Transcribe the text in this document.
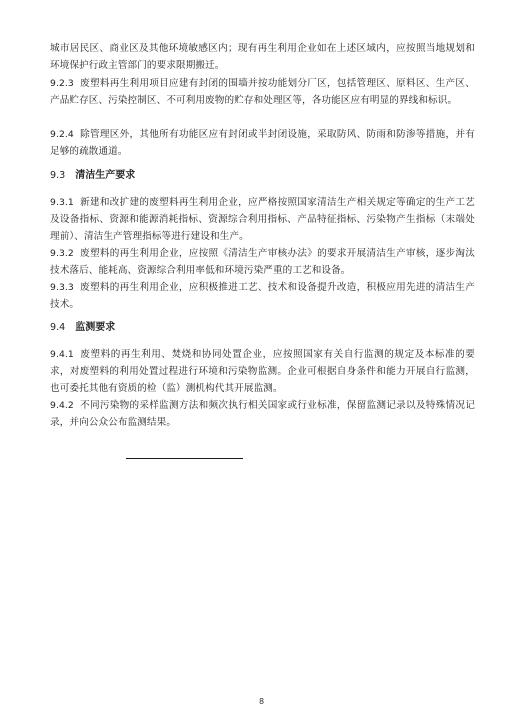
城市居民区、商业区及其他环境敏感区内；现有再生利用企业如在上述区域内，应按照当地规划和环境保护行政主管部门的要求限期搬迁。
9.2.3 废塑料再生利用项目应建有封闭的围墙并按功能划分厂区，包括管理区、原料区、生产区、产品贮存区、污染控制区、不可利用废物的贮存和处理区等，各功能区应有明显的界线和标识。
9.2.4 除管理区外，其他所有功能区应有封闭或半封闭设施，采取防风、防雨和防渗等措施，并有足够的疏散通道。
9.3 清洁生产要求
9.3.1 新建和改扩建的废塑料再生利用企业，应严格按照国家清洁生产相关规定等确定的生产工艺及设备指标、资源和能源消耗指标、资源综合利用指标、产品特征指标、污染物产生指标（末端处理前）、清洁生产管理指标等进行建设和生产。
9.3.2 废塑料的再生利用企业，应按照《清洁生产审核办法》的要求开展清洁生产审核，逐步淘汰技术落后、能耗高、资源综合利用率低和环境污染严重的工艺和设备。
9.3.3 废塑料的再生利用企业，应积极推进工艺、技术和设备提升改造，积极应用先进的清洁生产技术。
9.4 监测要求
9.4.1 废塑料的再生利用、焚烧和协同处置企业，应按照国家有关自行监测的规定及本标准的要求，对废塑料的利用处置过程进行环境和污染物监测。企业可根据自身条件和能力开展自行监测，也可委托其他有资质的检（监）测机构代其开展监测。
9.4.2 不同污染物的采样监测方法和频次执行相关国家或行业标准，保留监测记录以及特殊情况记录，并向公众公布监测结果。
8
